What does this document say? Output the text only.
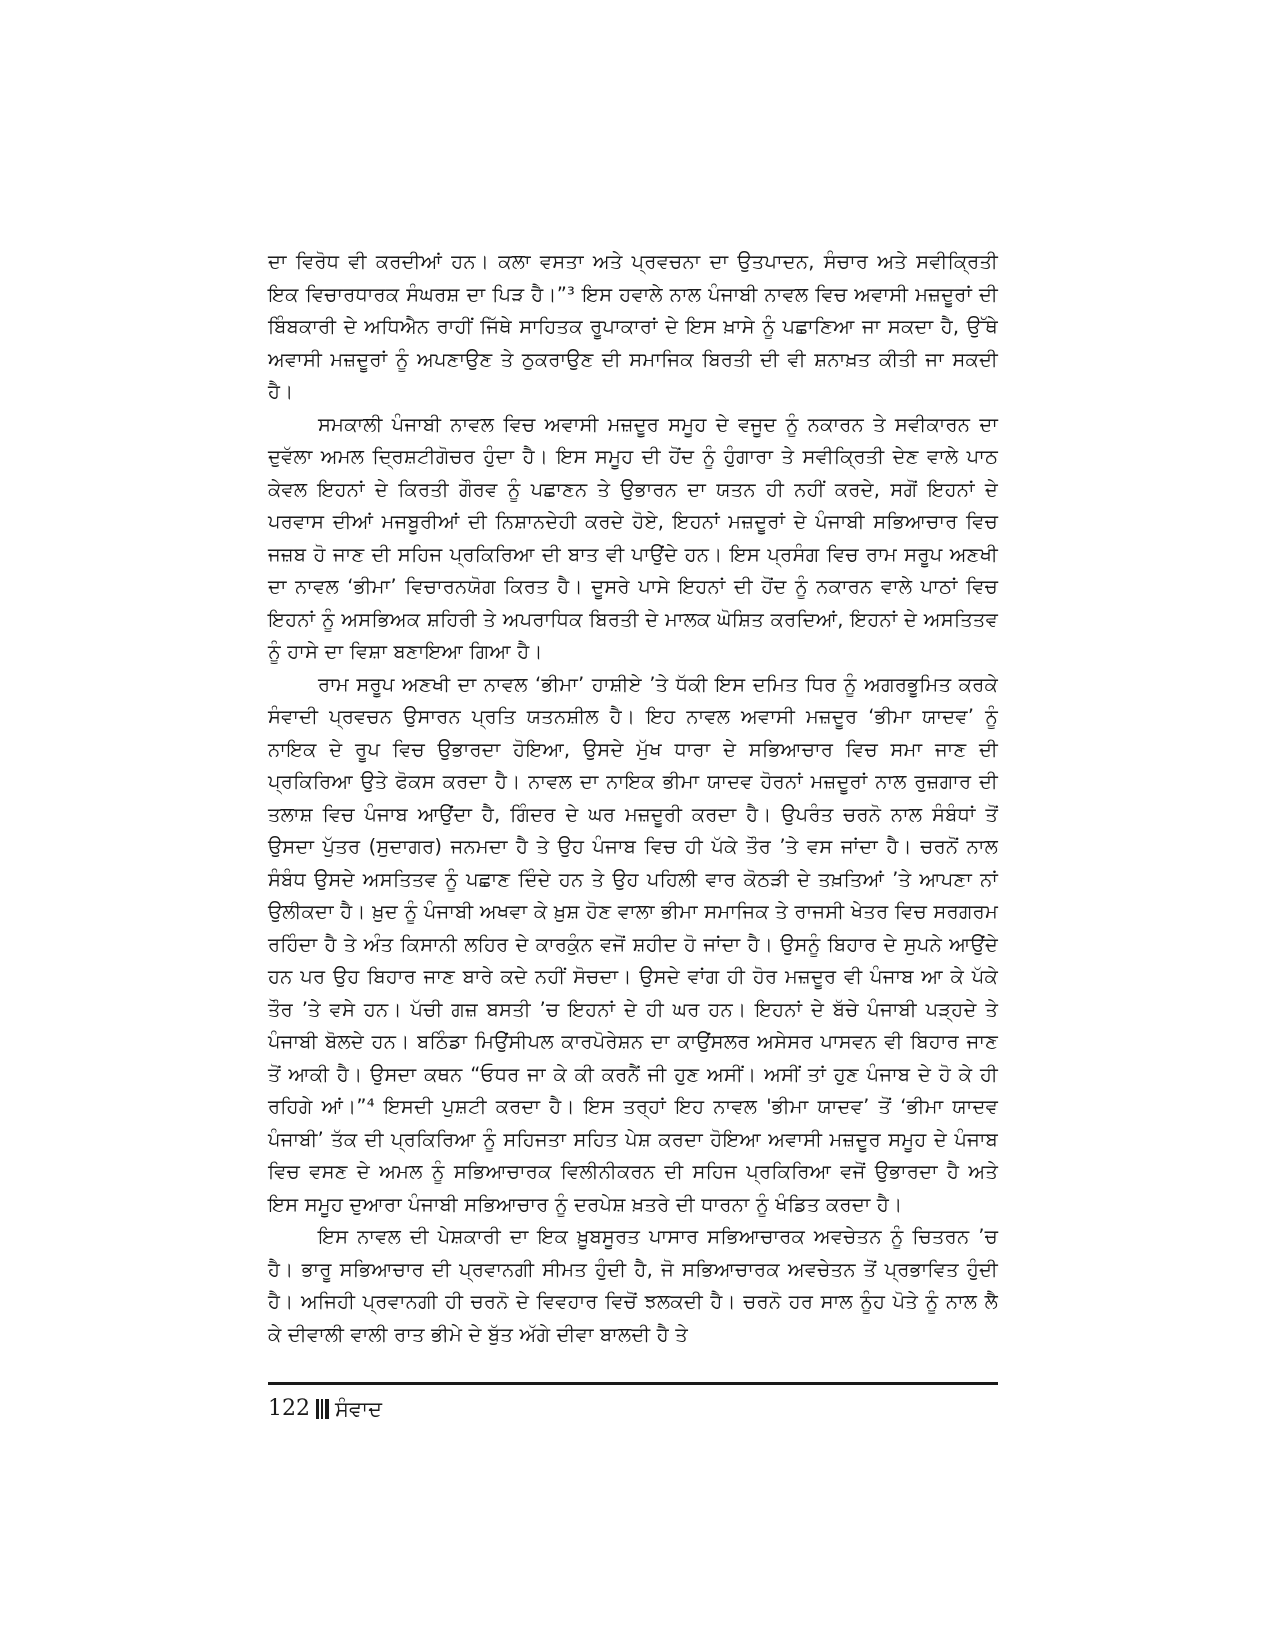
ਦਾ ਵਿਰੋਧ ਵੀ ਕਰਦੀਆਂ ਹਨ। ਕਲਾ ਵਸਤਾ ਅਤੇ ਪ੍ਰਵਚਨਾ ਦਾ ਉਤਪਾਦਨ, ਸੰਚਾਰ ਅਤੇ ਸਵੀਕ੍ਰਿਤੀ ਇਕ ਵਿਚਾਰਧਾਰਕ ਸੰਘਰਸ਼ ਦਾ ਪਿੜ ਹੈ।”³ ਇਸ ਹਵਾਲੇ ਨਾਲ ਪੰਜਾਬੀ ਨਾਵਲ ਵਿਚ ਅਵਾਸੀ ਮਜ਼ਦੂਰਾਂ ਦੀ ਬਿੰਬਕਾਰੀ ਦੇ ਅਧਿਐਨ ਰਾਹੀਂ ਜਿੱਥੇ ਸਾਹਿਤਕ ਰੂਪਾਕਾਰਾਂ ਦੇ ਇਸ ਖ਼ਾਸੇ ਨੂੰ ਪਛਾਣਿਆ ਜਾ ਸਕਦਾ ਹੈ, ਉੱਥੇ ਅਵਾਸੀ ਮਜ਼ਦੂਰਾਂ ਨੂੰ ਅਪਣਾਉਣ ਤੇ ਠੁਕਰਾਉਣ ਦੀ ਸਮਾਜਿਕ ਬਿਰਤੀ ਦੀ ਵੀ ਸ਼ਨਾਖ਼ਤ ਕੀਤੀ ਜਾ ਸਕਦੀ ਹੈ।

ਸਮਕਾਲੀ ਪੰਜਾਬੀ ਨਾਵਲ ਵਿਚ ਅਵਾਸੀ ਮਜ਼ਦੂਰ ਸਮੂਹ ਦੇ ਵਜੂਦ ਨੂੰ ਨਕਾਰਨ ਤੇ ਸਵੀਕਾਰਨ ਦਾ ਦੁਵੱਲਾ ਅਮਲ ਦ੍ਰਿਸ਼ਟੀਗੋਚਰ ਹੁੰਦਾ ਹੈ। ਇਸ ਸਮੂਹ ਦੀ ਹੋਂਦ ਨੂੰ ਹੁੰਗਾਰਾ ਤੇ ਸਵੀਕ੍ਰਿਤੀ ਦੇਣ ਵਾਲੇ ਪਾਠ ਕੇਵਲ ਇਹਨਾਂ ਦੇ ਕਿਰਤੀ ਗੌਰਵ ਨੂੰ ਪਛਾਣਨ ਤੇ ਉਭਾਰਨ ਦਾ ਯਤਨ ਹੀ ਨਹੀਂ ਕਰਦੇ, ਸਗੋਂ ਇਹਨਾਂ ਦੇ ਪਰਵਾਸ ਦੀਆਂ ਮਜਬੂਰੀਆਂ ਦੀ ਨਿਸ਼ਾਨਦੇਹੀ ਕਰਦੇ ਹੋਏ, ਇਹਨਾਂ ਮਜ਼ਦੂਰਾਂ ਦੇ ਪੰਜਾਬੀ ਸਭਿਆਚਾਰ ਵਿਚ ਜਜ਼ਬ ਹੋ ਜਾਣ ਦੀ ਸਹਿਜ ਪ੍ਰਕਿਰਿਆ ਦੀ ਬਾਤ ਵੀ ਪਾਉਂਦੇ ਹਨ। ਇਸ ਪ੍ਰਸੰਗ ਵਿਚ ਰਾਮ ਸਰੂਪ ਅਣਖੀ ਦਾ ਨਾਵਲ ‘ਭੀਮਾ’ ਵਿਚਾਰਨਯੋਗ ਕਿਰਤ ਹੈ। ਦੂਸਰੇ ਪਾਸੇ ਇਹਨਾਂ ਦੀ ਹੋਂਦ ਨੂੰ ਨਕਾਰਨ ਵਾਲੇ ਪਾਠਾਂ ਵਿਚ ਇਹਨਾਂ ਨੂੰ ਅਸਭਿਅਕ ਸ਼ਹਿਰੀ ਤੇ ਅਪਰਾਧਿਕ ਬਿਰਤੀ ਦੇ ਮਾਲਕ ਘੋਸ਼ਿਤ ਕਰਦਿਆਂ, ਇਹਨਾਂ ਦੇ ਅਸਤਿਤਵ ਨੂੰ ਹਾਸੇ ਦਾ ਵਿਸ਼ਾ ਬਣਾਇਆ ਗਿਆ ਹੈ।

ਰਾਮ ਸਰੂਪ ਅਣਖੀ ਦਾ ਨਾਵਲ ‘ਭੀਮਾ’ ਹਾਸ਼ੀਏ ’ਤੇ ਧੱਕੀ ਇਸ ਦਮਿਤ ਧਿਰ ਨੂੰ ਅਗਰਭੂਮਿਤ ਕਰਕੇ ਸੰਵਾਦੀ ਪ੍ਰਵਚਨ ਉਸਾਰਨ ਪ੍ਰਤਿ ਯਤਨਸ਼ੀਲ ਹੈ। ਇਹ ਨਾਵਲ ਅਵਾਸੀ ਮਜ਼ਦੂਰ ‘ਭੀਮਾ ਯਾਦਵ’ ਨੂੰ ਨਾਇਕ ਦੇ ਰੂਪ ਵਿਚ ਉਭਾਰਦਾ ਹੋਇਆ, ਉਸਦੇ ਮੁੱਖ ਧਾਰਾ ਦੇ ਸਭਿਆਚਾਰ ਵਿਚ ਸਮਾ ਜਾਣ ਦੀ ਪ੍ਰਕਿਰਿਆ ਉਤੇ ਫੋਕਸ ਕਰਦਾ ਹੈ। ਨਾਵਲ ਦਾ ਨਾਇਕ ਭੀਮਾ ਯਾਦਵ ਹੋਰਨਾਂ ਮਜ਼ਦੂਰਾਂ ਨਾਲ ਰੁਜ਼ਗਾਰ ਦੀ ਤਲਾਸ਼ ਵਿਚ ਪੰਜਾਬ ਆਉਂਦਾ ਹੈ, ਗਿੰਦਰ ਦੇ ਘਰ ਮਜ਼ਦੂਰੀ ਕਰਦਾ ਹੈ। ਉਪਰੰਤ ਚਰਨੋ ਨਾਲ ਸੰਬੰਧਾਂ ਤੋਂ ਉਸਦਾ ਪੁੱਤਰ (ਸੁਦਾਗਰ) ਜਨਮਦਾ ਹੈ ਤੇ ਉਹ ਪੰਜਾਬ ਵਿਚ ਹੀ ਪੱਕੇ ਤੌਰ ’ਤੇ ਵਸ ਜਾਂਦਾ ਹੈ। ਚਰਨੋਂ ਨਾਲ ਸੰਬੰਧ ਉਸਦੇ ਅਸਤਿਤਵ ਨੂੰ ਪਛਾਣ ਦਿੰਦੇ ਹਨ ਤੇ ਉਹ ਪਹਿਲੀ ਵਾਰ ਕੋਠੜੀ ਦੇ ਤਖ਼ਤਿਆਂ ’ਤੇ ਆਪਣਾ ਨਾਂ ਉਲੀਕਦਾ ਹੈ। ਖ਼ੁਦ ਨੂੰ ਪੰਜਾਬੀ ਅਖਵਾ ਕੇ ਖ਼ੁਸ਼ ਹੋਣ ਵਾਲਾ ਭੀਮਾ ਸਮਾਜਿਕ ਤੇ ਰਾਜਸੀ ਖੇਤਰ ਵਿਚ ਸਰਗਰਮ ਰਹਿੰਦਾ ਹੈ ਤੇ ਅੰਤ ਕਿਸਾਨੀ ਲਹਿਰ ਦੇ ਕਾਰਕੁੰਨ ਵਜੋਂ ਸ਼ਹੀਦ ਹੋ ਜਾਂਦਾ ਹੈ। ਉਸਨੂੰ ਬਿਹਾਰ ਦੇ ਸੁਪਨੇ ਆਉਂਦੇ ਹਨ ਪਰ ਉਹ ਬਿਹਾਰ ਜਾਣ ਬਾਰੇ ਕਦੇ ਨਹੀਂ ਸੋਚਦਾ। ਉਸਦੇ ਵਾਂਗ ਹੀ ਹੋਰ ਮਜ਼ਦੂਰ ਵੀ ਪੰਜਾਬ ਆ ਕੇ ਪੱਕੇ ਤੌਰ ’ਤੇ ਵਸੇ ਹਨ। ਪੱਚੀ ਗਜ਼ ਬਸਤੀ ’ਚ ਇਹਨਾਂ ਦੇ ਹੀ ਘਰ ਹਨ। ਇਹਨਾਂ ਦੇ ਬੱਚੇ ਪੰਜਾਬੀ ਪੜ੍ਹਦੇ ਤੇ ਪੰਜਾਬੀ ਬੋਲਦੇ ਹਨ। ਬਠਿੰਡਾ ਮਿਉਂਸੀਪਲ ਕਾਰਪੋਰੇਸ਼ਨ ਦਾ ਕਾਉਂਸਲਰ ਅਸੇਸਰ ਪਾਸਵਨ ਵੀ ਬਿਹਾਰ ਜਾਣ ਤੋਂ ਆਕੀ ਹੈ। ਉਸਦਾ ਕਥਨ “ਓਧਰ ਜਾ ਕੇ ਕੀ ਕਰਨੈਂ ਜੀ ਹੁਣ ਅਸੀਂ। ਅਸੀਂ ਤਾਂ ਹੁਣ ਪੰਜਾਬ ਦੇ ਹੋ ਕੇ ਹੀ ਰਹਿਗੇ ਆਂ।”⁴ ਇਸਦੀ ਪੁਸ਼ਟੀ ਕਰਦਾ ਹੈ। ਇਸ ਤਰ੍ਹਾਂ ਇਹ ਨਾਵਲ 'ਭੀਮਾ ਯਾਦਵ’ ਤੋਂ ‘ਭੀਮਾ ਯਾਦਵ ਪੰਜਾਬੀ’ ਤੱਕ ਦੀ ਪ੍ਰਕਿਰਿਆ ਨੂੰ ਸਹਿਜਤਾ ਸਹਿਤ ਪੇਸ਼ ਕਰਦਾ ਹੋਇਆ ਅਵਾਸੀ ਮਜ਼ਦੂਰ ਸਮੂਹ ਦੇ ਪੰਜਾਬ ਵਿਚ ਵਸਣ ਦੇ ਅਮਲ ਨੂੰ ਸਭਿਆਚਾਰਕ ਵਿਲੀਨੀਕਰਨ ਦੀ ਸਹਿਜ ਪ੍ਰਕਿਰਿਆ ਵਜੋਂ ਉਭਾਰਦਾ ਹੈ ਅਤੇ ਇਸ ਸਮੂਹ ਦੁਆਰਾ ਪੰਜਾਬੀ ਸਭਿਆਚਾਰ ਨੂੰ ਦਰਪੇਸ਼ ਖ਼ਤਰੇ ਦੀ ਧਾਰਨਾ ਨੂੰ ਖੰਡਿਤ ਕਰਦਾ ਹੈ।

ਇਸ ਨਾਵਲ ਦੀ ਪੇਸ਼ਕਾਰੀ ਦਾ ਇਕ ਖ਼ੂਬਸੂਰਤ ਪਾਸਾਰ ਸਭਿਆਚਾਰਕ ਅਵਚੇਤਨ ਨੂੰ ਚਿਤਰਨ ’ਚ ਹੈ। ਭਾਰੂ ਸਭਿਆਚਾਰ ਦੀ ਪ੍ਰਵਾਨਗੀ ਸੀਮਤ ਹੁੰਦੀ ਹੈ, ਜੋ ਸਭਿਆਚਾਰਕ ਅਵਚੇਤਨ ਤੋਂ ਪ੍ਰਭਾਵਿਤ ਹੁੰਦੀ ਹੈ। ਅਜਿਹੀ ਪ੍ਰਵਾਨਗੀ ਹੀ ਚਰਨੋ ਦੇ ਵਿਵਹਾਰ ਵਿਚੋਂ ਝਲਕਦੀ ਹੈ। ਚਰਨੋ ਹਰ ਸਾਲ ਨੂੰਹ ਪੋਤੇ ਨੂੰ ਨਾਲ ਲੈ ਕੇ ਦੀਵਾਲੀ ਵਾਲੀ ਰਾਤ ਭੀਮੇ ਦੇ ਬੁੱਤ ਅੱਗੇ ਦੀਵਾ ਬਾਲਦੀ ਹੈ ਤੇ

122 ਸੰਵਾਦ
